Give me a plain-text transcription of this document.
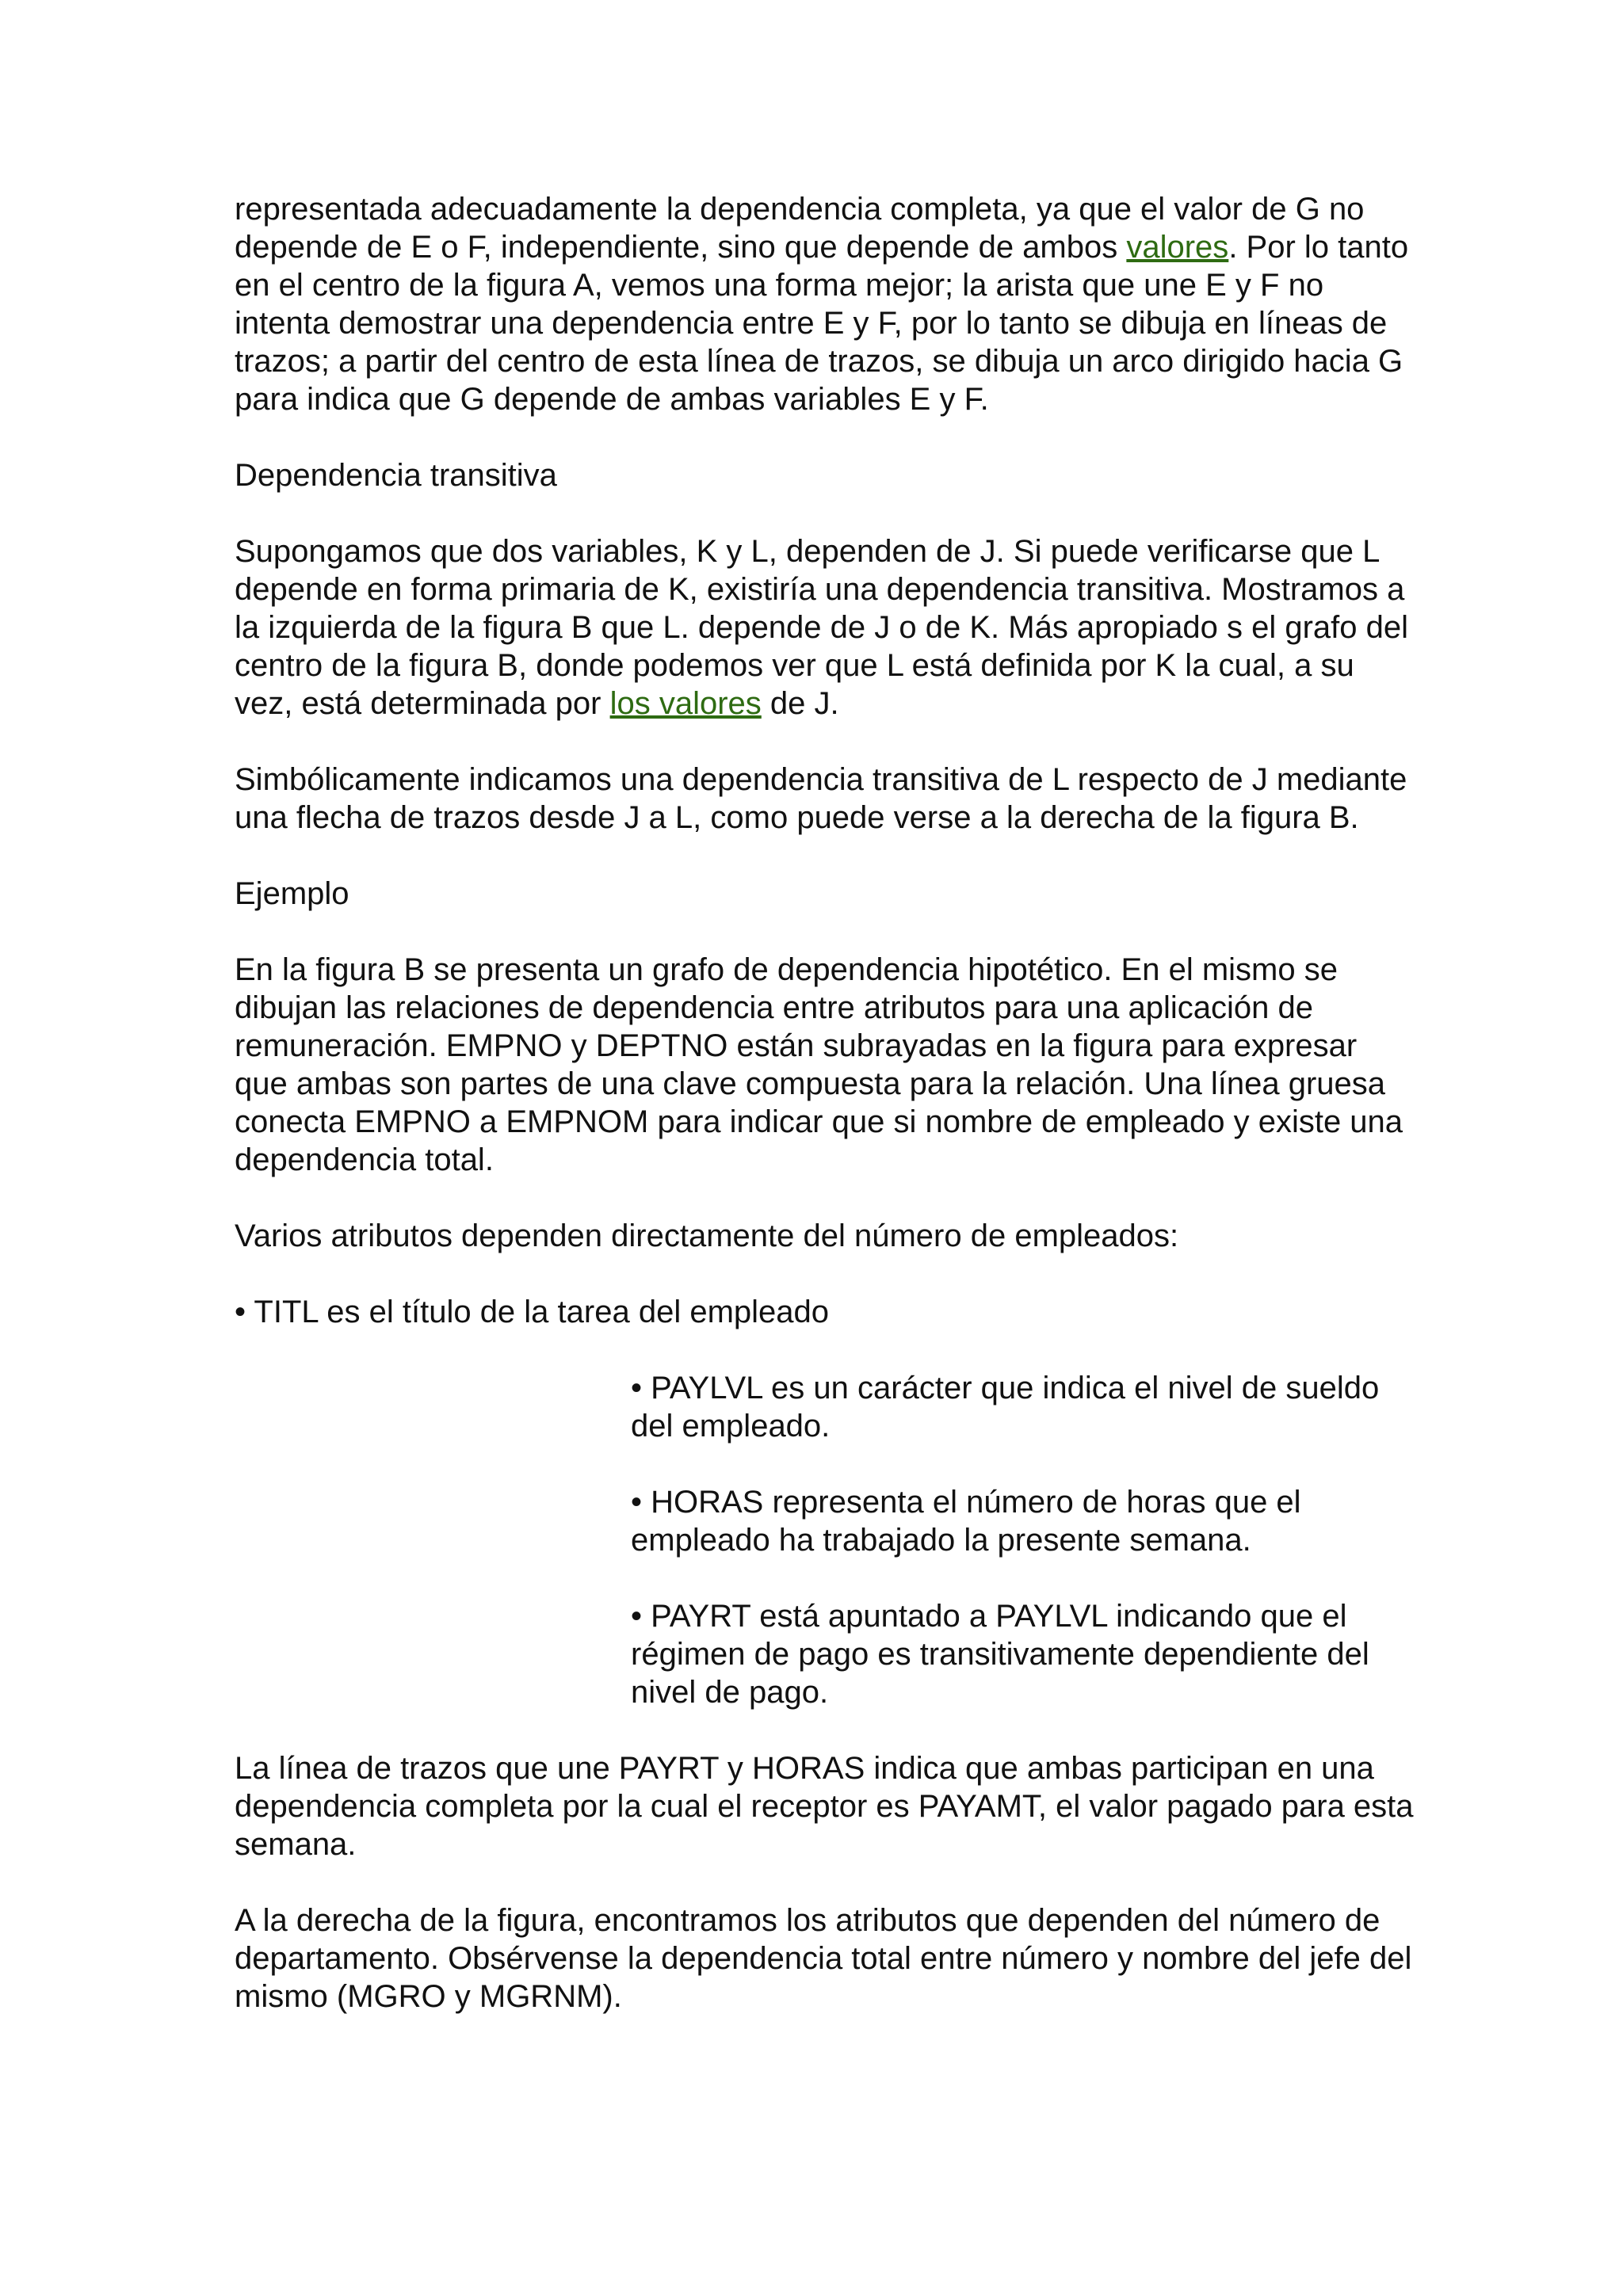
representada adecuadamente la dependencia completa, ya que el valor de G no depende de E o F, independiente, sino que depende de ambos valores. Por lo tanto en el centro de la figura A, vemos una forma mejor; la arista que une E y F no intenta demostrar una dependencia entre E y F, por lo tanto se dibuja en líneas de trazos; a partir del centro de esta línea de trazos, se dibuja un arco dirigido hacia G para indica que G depende de ambas variables E y F.

Dependencia transitiva

Supongamos que dos variables, K y L, dependen de J. Si puede verificarse que L depende en forma primaria de K, existiría una dependencia transitiva. Mostramos a la izquierda de la figura B que L. depende de J o de K. Más apropiado s el grafo del centro de la figura B, donde podemos ver que L está definida por K la cual, a su vez, está determinada por los valores de J.

Simbólicamente indicamos una dependencia transitiva de L respecto de J mediante una flecha de trazos desde J a L, como puede verse a la derecha de la figura B.

Ejemplo

En la figura B se presenta un grafo de dependencia hipotético. En el mismo se dibujan las relaciones de dependencia entre atributos para una aplicación de remuneración. EMPNO y DEPTNO están subrayadas en la figura para expresar que ambas son partes de una clave compuesta para la relación. Una línea gruesa conecta EMPNO a EMPNOM para indicar que si nombre de empleado y existe una dependencia total.

Varios atributos dependen directamente del número de empleados:

• TITL es el título de la tarea del empleado

• PAYLVL es un carácter que indica el nivel de sueldo del empleado.

• HORAS representa el número de horas que el empleado ha trabajado la presente semana.

• PAYRT está apuntado a PAYLVL indicando que el régimen de pago es transitivamente dependiente del nivel de pago.

La línea de trazos que une PAYRT y HORAS indica que ambas participan en una dependencia completa por la cual el receptor es PAYAMT, el valor pagado para esta semana.

A la derecha de la figura, encontramos los atributos que dependen del número de departamento. Obsérvense la dependencia total entre número y nombre del jefe del mismo (MGRO y MGRNM).
